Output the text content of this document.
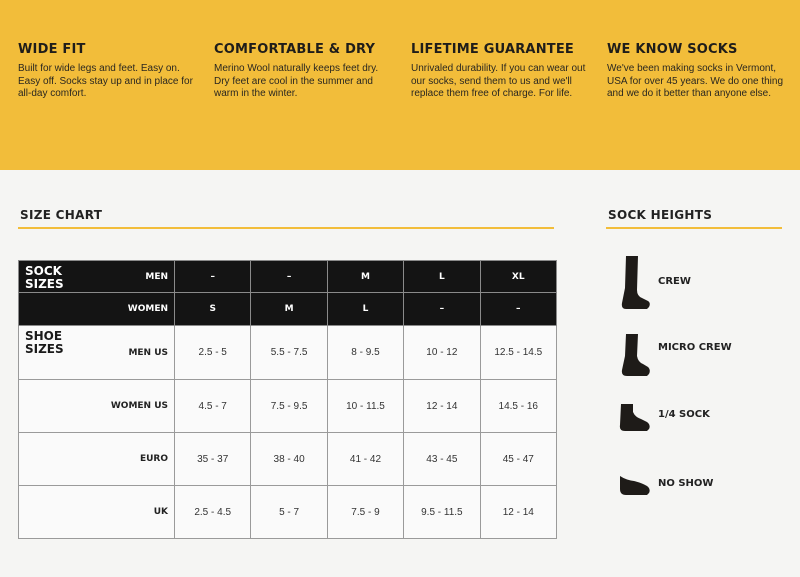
WIDE FIT

Built for wide legs and feet. Easy on. Easy off. Socks stay up and in place for all-day comfort.

COMFORTABLE & DRY

Merino Wool naturally keeps feet dry. Dry feet are cool in the summer and warm in the winter.

LIFETIME GUARANTEE

Unrivaled durability. If you can wear out our socks, send them to us and we'll replace them free of charge. For life.

WE KNOW SOCKS

We've been making socks in Vermont, USA for over 45 years. We do one thing and we do it better than anyone else.

SIZE CHART	SOCK HEIGHTS
SOCK
SIZES
MEN	–	–	M	L	XL
WOMEN	S	M	L	–	–

SHOE
SIZES MEN US	2.5 - 5	5.5 - 7.5	8 - 9.5	10 - 12	12.5 - 14.5
WOMEN US	4.5 - 7	7.5 - 9.5	10 - 11.5	12 - 14	14.5 - 16
EURO	35 - 37	38 - 40	41 - 42	43 - 45	45 - 47
UK	2.5 - 4.5	5 - 7	7.5 - 9	9.5 - 11.5	12 - 14
CREW
MICRO CREW
1/4 SOCK
NO SHOW
